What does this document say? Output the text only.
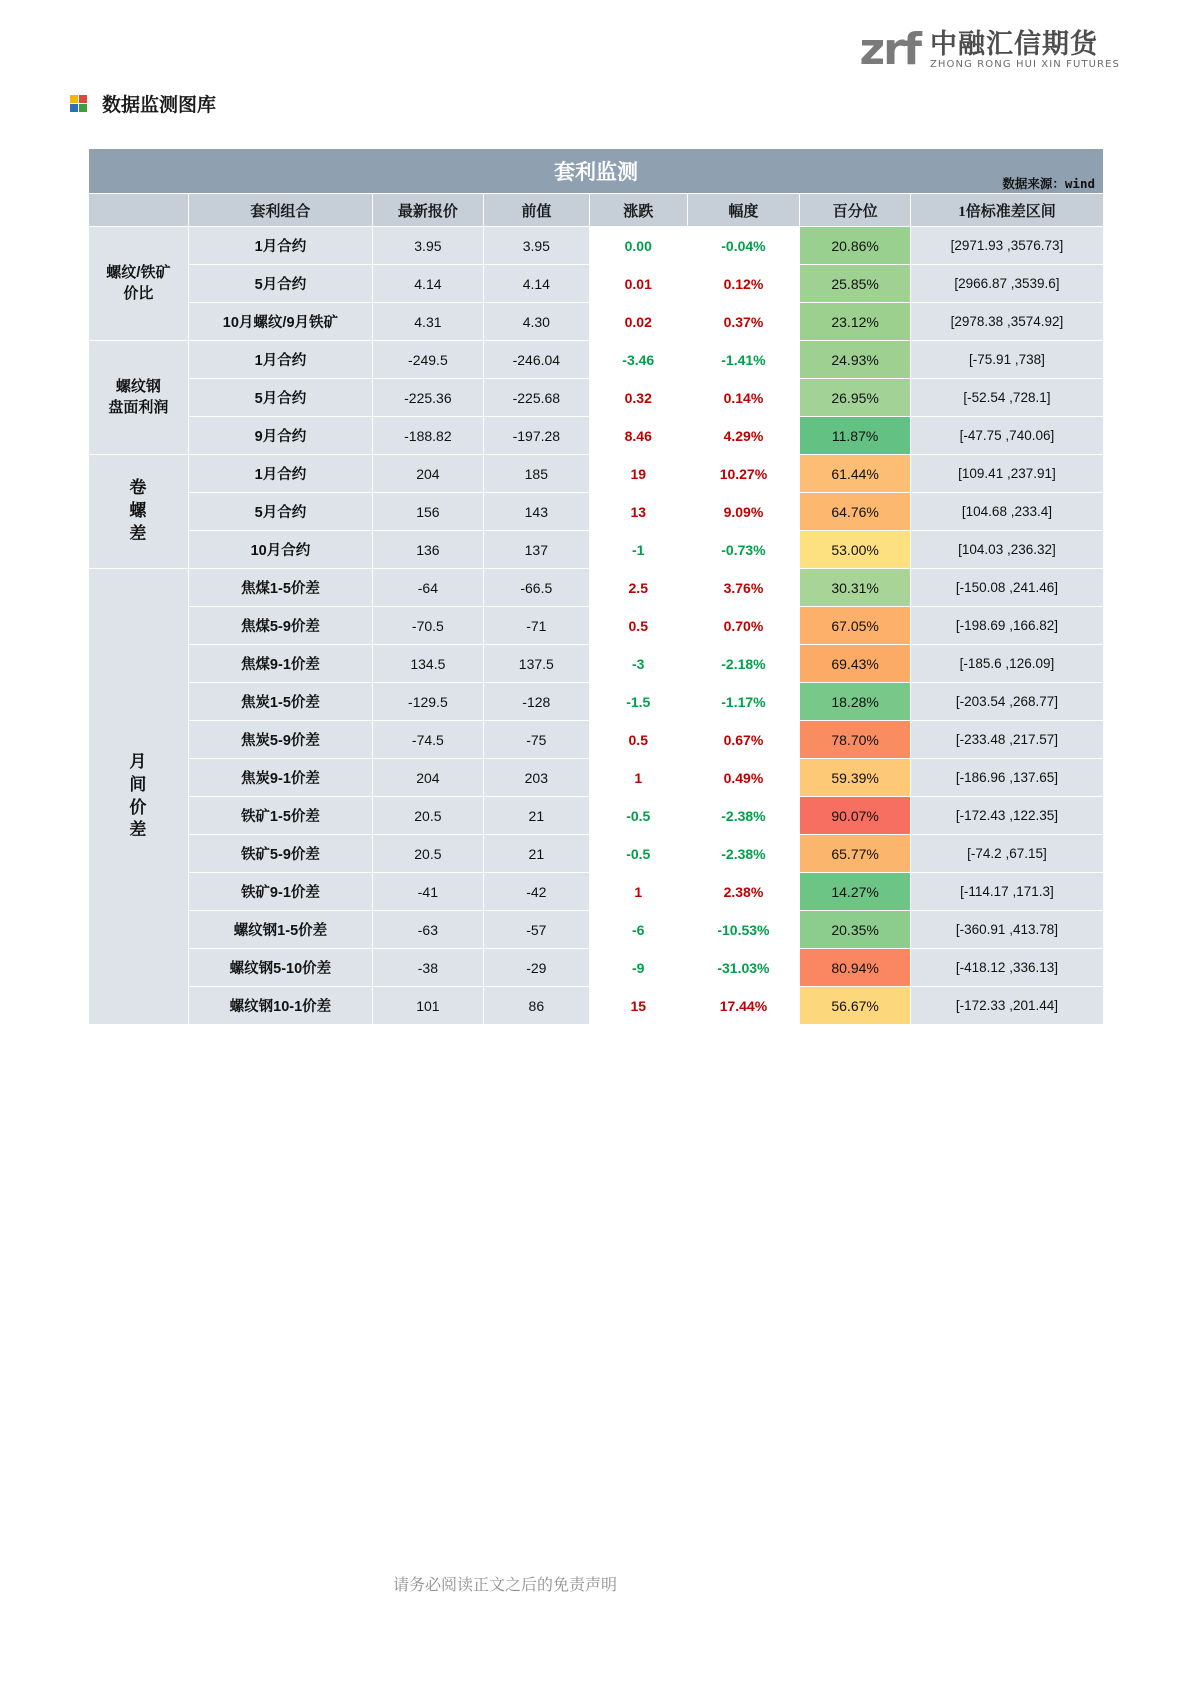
zrf 中融汇信期货
ZHONG RONG HUI XIN FUTURES
数据监测图库
套利监测 数据来源：wind							

	套利组合	最新报价	前值	涨跌	幅度	百分位	1倍标准差区间
螺纹/铁矿
价比	1月合约	3.95	3.95	0.00	-0.04%	20.86%	[2971.93 ,3576.73]
	5月合约	4.14	4.14	0.01	0.12%	25.85%	[2966.87 ,3539.6]
	10月螺纹/9月铁矿	4.31	4.30	0.02	0.37%	23.12%	[2978.38 ,3574.92]
螺纹钢
盘面利润	1月合约	-249.5	-246.04	-3.46	-1.41%	24.93%	[-75.91 ,738]
	5月合约	-225.36	-225.68	0.32	0.14%	26.95%	[-52.54 ,728.1]
	9月合约	-188.82	-197.28	8.46	4.29%	11.87%	[-47.75 ,740.06]
卷
螺
差	1月合约	204	185	19	10.27%	61.44%	[109.41 ,237.91]
	5月合约	156	143	13	9.09%	64.76%	[104.68 ,233.4]
	10月合约	136	137	-1	-0.73%	53.00%	[104.03 ,236.32]
月
间
价
差	焦煤1-5价差	-64	-66.5	2.5	3.76%	30.31%	[-150.08 ,241.46]
	焦煤5-9价差	-70.5	-71	0.5	0.70%	67.05%	[-198.69 ,166.82]
	焦煤9-1价差	134.5	137.5	-3	-2.18%	69.43%	[-185.6 ,126.09]
	焦炭1-5价差	-129.5	-128	-1.5	-1.17%	18.28%	[-203.54 ,268.77]
	焦炭5-9价差	-74.5	-75	0.5	0.67%	78.70%	[-233.48 ,217.57]
	焦炭9-1价差	204	203	1	0.49%	59.39%	[-186.96 ,137.65]
	铁矿1-5价差	20.5	21	-0.5	-2.38%	90.07%	[-172.43 ,122.35]
	铁矿5-9价差	20.5	21	-0.5	-2.38%	65.77%	[-74.2 ,67.15]
	铁矿9-1价差	-41	-42	1	2.38%	14.27%	[-114.17 ,171.3]
	螺纹钢1-5价差	-63	-57	-6	-10.53%	20.35%	[-360.91 ,413.78]
	螺纹钢5-10价差	-38	-29	-9	-31.03%	80.94%	[-418.12 ,336.13]
	螺纹钢10-1价差	101	86	15	17.44%	56.67%	[-172.33 ,201.44]
请务必阅读正文之后的免责声明
